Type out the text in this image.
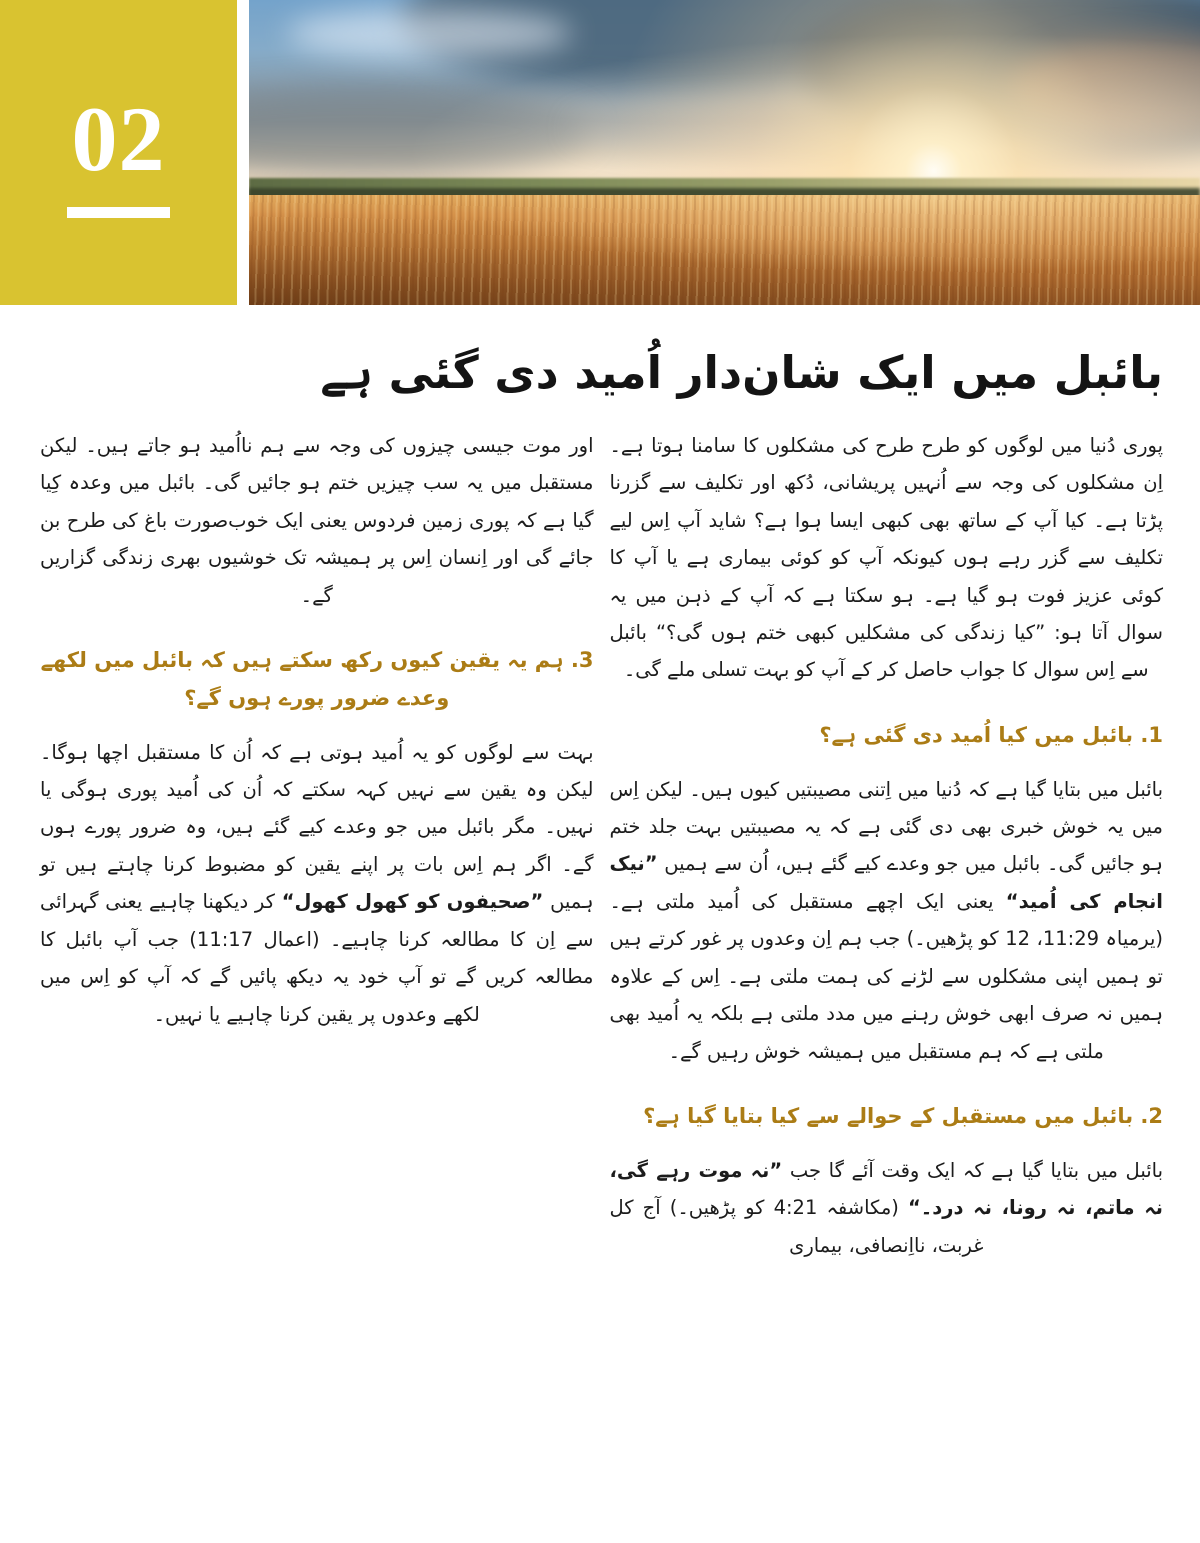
02
بائبل میں ایک شان‌دار اُمید دی گئی ہے

پوری دُنیا میں لوگوں کو طرح طرح کی مشکلوں کا سامنا ہوتا ہے۔ اِن مشکلوں کی وجہ سے اُنہیں پریشانی، دُکھ اور تکلیف سے گزرنا پڑتا ہے۔ کیا آپ کے ساتھ بھی کبھی ایسا ہوا ہے؟ شاید آپ اِس لیے تکلیف سے گزر رہے ہوں کیونکہ آپ کو کوئی بیماری ہے یا آپ کا کوئی عزیز فوت ہو گیا ہے۔ ہو سکتا ہے کہ آپ کے ذہن میں یہ سوال آتا ہو: ”کیا زندگی کی مشکلیں کبھی ختم ہوں گی؟“ بائبل سے اِس سوال کا جواب حاصل کر کے آپ کو بہت تسلی ملے گی۔

1. بائبل میں کیا اُمید دی گئی ہے؟

بائبل میں بتایا گیا ہے کہ دُنیا میں اِتنی مصیبتیں کیوں ہیں۔ لیکن اِس میں یہ خوش خبری بھی دی گئی ہے کہ یہ مصیبتیں بہت جلد ختم ہو جائیں گی۔ بائبل میں جو وعدے کیے گئے ہیں، اُن سے ہمیں ”نیک انجام کی اُمید“ یعنی ایک اچھے مستقبل کی اُمید ملتی ہے۔ (یرمیاہ 11:29، 12 کو پڑھیں۔) جب ہم اِن وعدوں پر غور کرتے ہیں تو ہمیں اپنی مشکلوں سے لڑنے کی ہمت ملتی ہے۔ اِس کے علاوہ ہمیں نہ صرف ابھی خوش رہنے میں مدد ملتی ہے بلکہ یہ اُمید بھی ملتی ہے کہ ہم مستقبل میں ہمیشہ خوش رہیں گے۔

2. بائبل میں مستقبل کے حوالے سے کیا بتایا گیا ہے؟

بائبل میں بتایا گیا ہے کہ ایک وقت آئے گا جب ”نہ موت رہے گی، نہ ماتم، نہ رونا، نہ درد۔“ (مکاشفہ 4:21 کو پڑھیں۔) آج کل غربت، نااِنصافی، بیماری

اور موت جیسی چیزوں کی وجہ سے ہم نااُمید ہو جاتے ہیں۔ لیکن مستقبل میں یہ سب چیزیں ختم ہو جائیں گی۔ بائبل میں وعدہ کِیا گیا ہے کہ پوری زمین فردوس یعنی ایک خوب‌صورت باغ کی طرح بن جائے گی اور اِنسان اِس پر ہمیشہ تک خوشیوں بھری زندگی گزاریں گے۔

3. ہم یہ یقین کیوں رکھ سکتے ہیں کہ بائبل میں لکھے وعدے ضرور پورے ہوں گے؟

بہت سے لوگوں کو یہ اُمید ہوتی ہے کہ اُن کا مستقبل اچھا ہوگا۔ لیکن وہ یقین سے نہیں کہہ سکتے کہ اُن کی اُمید پوری ہوگی یا نہیں۔ مگر بائبل میں جو وعدے کیے گئے ہیں، وہ ضرور پورے ہوں گے۔ اگر ہم اِس بات پر اپنے یقین کو مضبوط کرنا چاہتے ہیں تو ہمیں ”صحیفوں کو کھول کھول“ کر دیکھنا چاہیے یعنی گہرائی سے اِن کا مطالعہ کرنا چاہیے۔ (اعمال 11:17) جب آپ بائبل کا مطالعہ کریں گے تو آپ خود یہ دیکھ پائیں گے کہ آپ کو اِس میں لکھے وعدوں پر یقین کرنا چاہیے یا نہیں۔
